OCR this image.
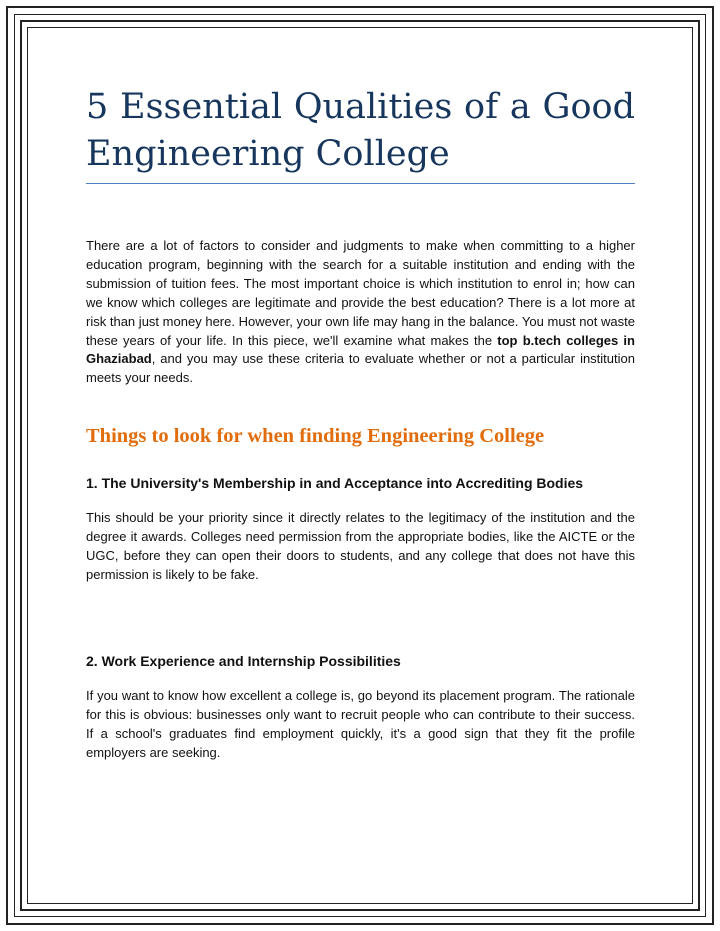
5 Essential Qualities of a Good
Engineering College

There are a lot of factors to consider and judgments to make when committing to a higher education program, beginning with the search for a suitable institution and ending with the submission of tuition fees. The most important choice is which institution to enrol in; how can we know which colleges are legitimate and provide the best education? There is a lot more at risk than just money here. However, your own life may hang in the balance. You must not waste these years of your life. In this piece, we'll examine what makes the top b.tech colleges in Ghaziabad, and you may use these criteria to evaluate whether or not a particular institution meets your needs.

Things to look for when finding Engineering College
1. The University's Membership in and Acceptance into Accrediting Bodies

This should be your priority since it directly relates to the legitimacy of the institution and the degree it awards. Colleges need permission from the appropriate bodies, like the AICTE or the UGC, before they can open their doors to students, and any college that does not have this permission is likely to be fake.

2. Work Experience and Internship Possibilities

If you want to know how excellent a college is, go beyond its placement program. The rationale for this is obvious: businesses only want to recruit people who can contribute to their success. If a school's graduates find employment quickly, it's a good sign that they fit the profile employers are seeking.
